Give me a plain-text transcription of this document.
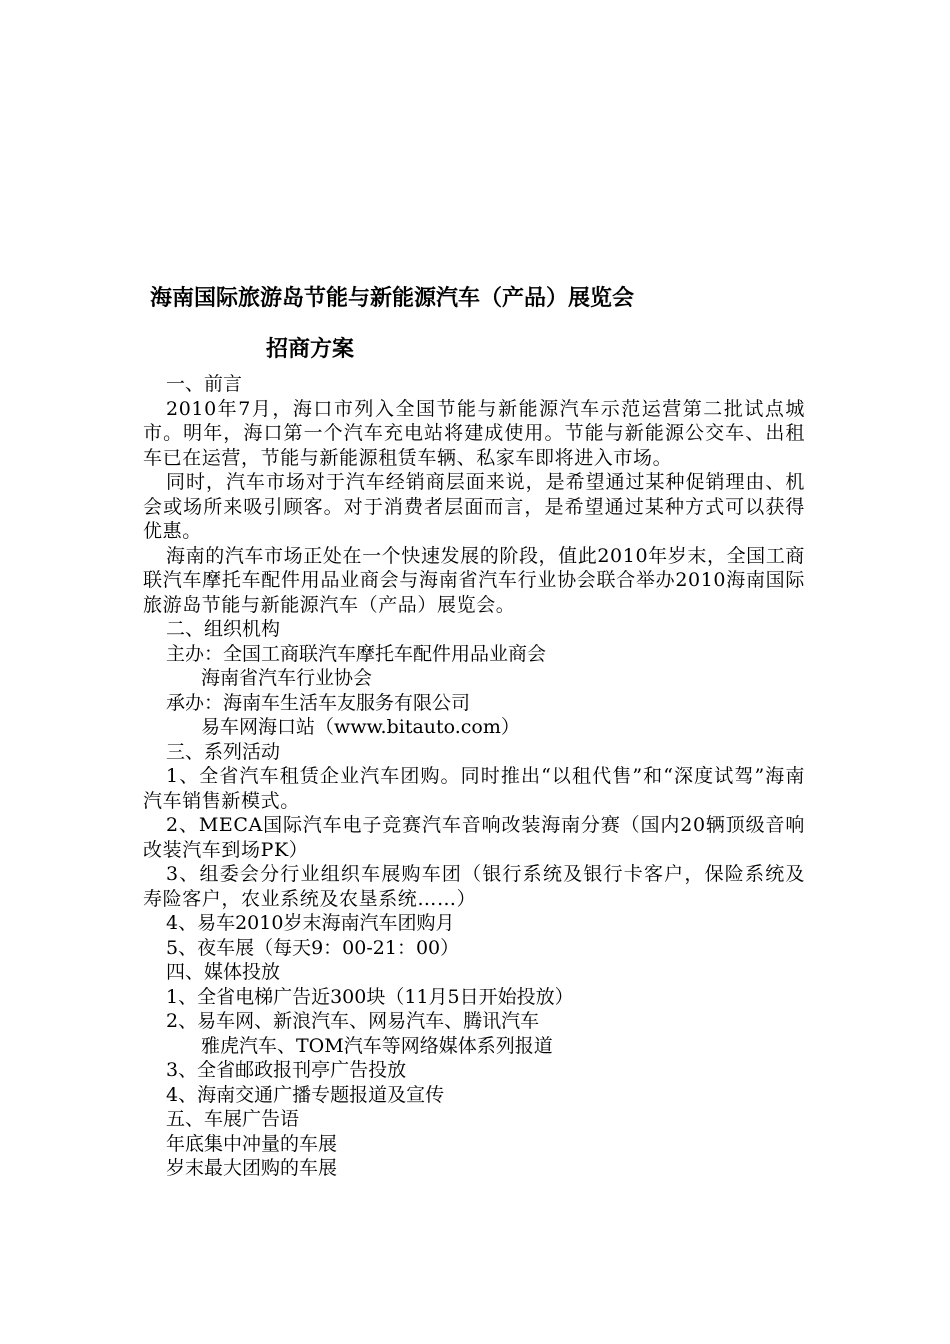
海南国际旅游岛节能与新能源汽车（产品）展览会
招商方案
一、前言
2010年7月，海口市列入全国节能与新能源汽车示范运营第二批试点城市。明年，海口第一个汽车充电站将建成使用。节能与新能源公交车、出租车已在运营，节能与新能源租赁车辆、私家车即将进入市场。
同时，汽车市场对于汽车经销商层面来说，是希望通过某种促销理由、机会或场所来吸引顾客。对于消费者层面而言，是希望通过某种方式可以获得优惠。
海南的汽车市场正处在一个快速发展的阶段，值此2010年岁末，全国工商联汽车摩托车配件用品业商会与海南省汽车行业协会联合举办2010海南国际旅游岛节能与新能源汽车（产品）展览会。
二、组织机构
主办：全国工商联汽车摩托车配件用品业商会
海南省汽车行业协会
承办：海南车生活车友服务有限公司
易车网海口站（www.bitauto.com）
三、系列活动
1、全省汽车租赁企业汽车团购。同时推出“以租代售”和“深度试驾”海南汽车销售新模式。
2、MECA国际汽车电子竞赛汽车音响改装海南分赛（国内20辆顶级音响改装汽车到场PK）
3、组委会分行业组织车展购车团（银行系统及银行卡客户，保险系统及寿险客户，农业系统及农垦系统……）
4、易车2010岁末海南汽车团购月
5、夜车展（每天9：00-21：00）
四、媒体投放
1、全省电梯广告近300块（11月5日开始投放）
2、易车网、新浪汽车、网易汽车、腾讯汽车
雅虎汽车、TOM汽车等网络媒体系列报道
3、全省邮政报刊亭广告投放
4、海南交通广播专题报道及宣传
五、车展广告语
年底集中冲量的车展
岁末最大团购的车展
